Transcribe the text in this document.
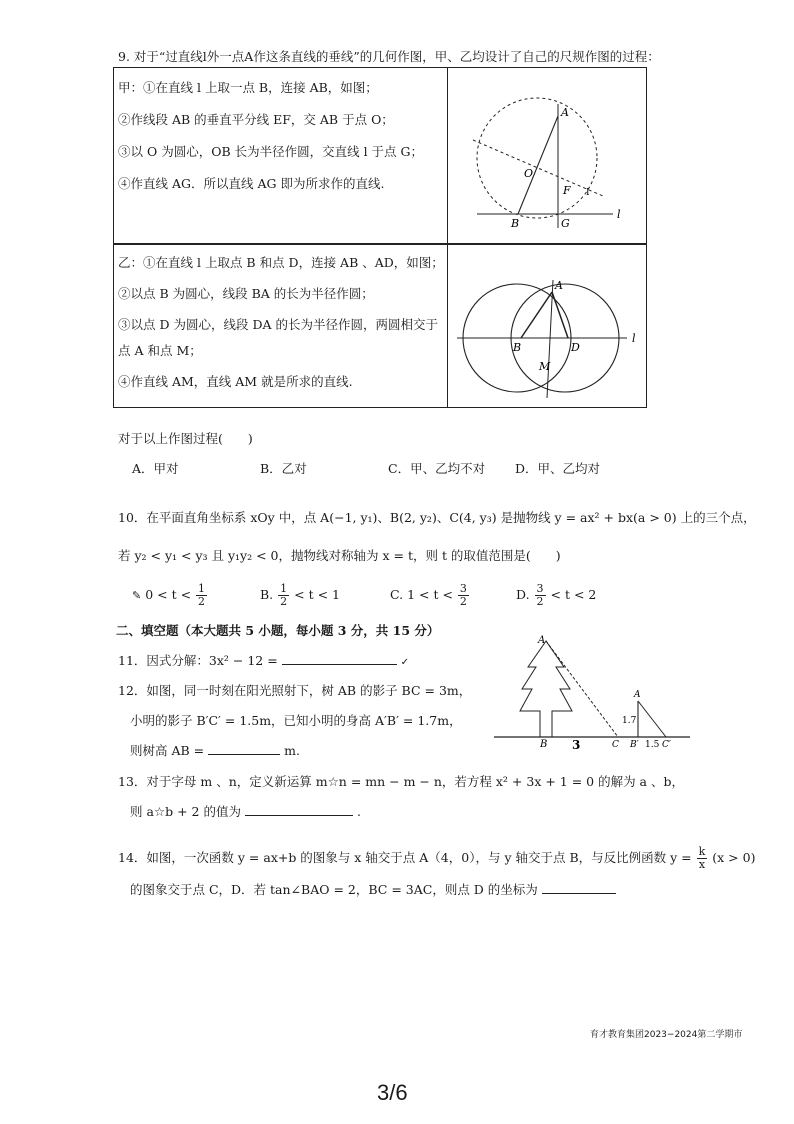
9. 对于“过直线l外一点A作这条直线的垂线”的几何作图，甲、乙均设计了自己的尺规作图的过程：
甲：①在直线 l 上取一点 B，连接 AB，如图；
②作线段 AB 的垂直平分线 EF，交 AB 于点 O；
③以 O 为圆心，OB 长为半径作圆，交直线 l 于点 G；
④作直线 AG．所以直线 AG 即为所求作的直线.
A
O
F I
B	G
l
乙：①在直线 l 上取点 B 和点 D，连接 AB 、AD，如图；
②以点 B 为圆心，线段 BA 的长为半径作圆；
③以点 D 为圆心，线段 DA 的长为半径作圆，两圆相交于
点 A 和点 M；
④作直线 AM，直线 AM 就是所求的直线.
A
B	D
M
l
对于以上作图过程(　　)
A．甲对	B．乙对	C．甲、乙均不对 D．甲、乙均对
10．在平面直角坐标系 xOy 中，点 A(−1, y₁)、B(2, y₂)、C(4, y₃) 是抛物线 y = ax² + bx(a > 0) 上的三个点，
若 y₂ < y₁ < y₃ 且 y₁y₂ < 0，抛物线对称轴为 x = t，则 t 的取值范围是(　　)
✎ $0 < t < \frac{1}{2}$	B. $\frac{1}{2} < t < 1$	C. $1 < t < \frac{3}{2}$	D. $\frac{3}{2} < t < 2$
二、填空题（本大题共 5 小题，每小题 3 分，共 15 分）
11．因式分解：3x² − 12 =	✓
12．如图，同一时刻在阳光照射下，树 AB 的影子 BC = 3m，
小明的影子 B′C′ = 1.5m，已知小明的身高 A′B′ = 1.7m，
则树高 AB =	m.
A
B 3	C
A
1.7
B′ 1.5 C′
13．对于字母 m 、n，定义新运算 m☆n = mn − m − n，若方程 x² + 3x + 1 = 0 的解为 a 、b，
则 a☆b + 2 的值为	.
14．如图，一次函数 y = ax+b 的图象与 x 轴交于点 A（4，0），与 y 轴交于点 B，与反比例函数 $y = \frac{k}{x} (x > 0)$
的图象交于点 C，D．若 tan∠BAO = 2，BC = 3AC，则点 D 的坐标为
育才教育集团2023−2024第二学期市
3/6
